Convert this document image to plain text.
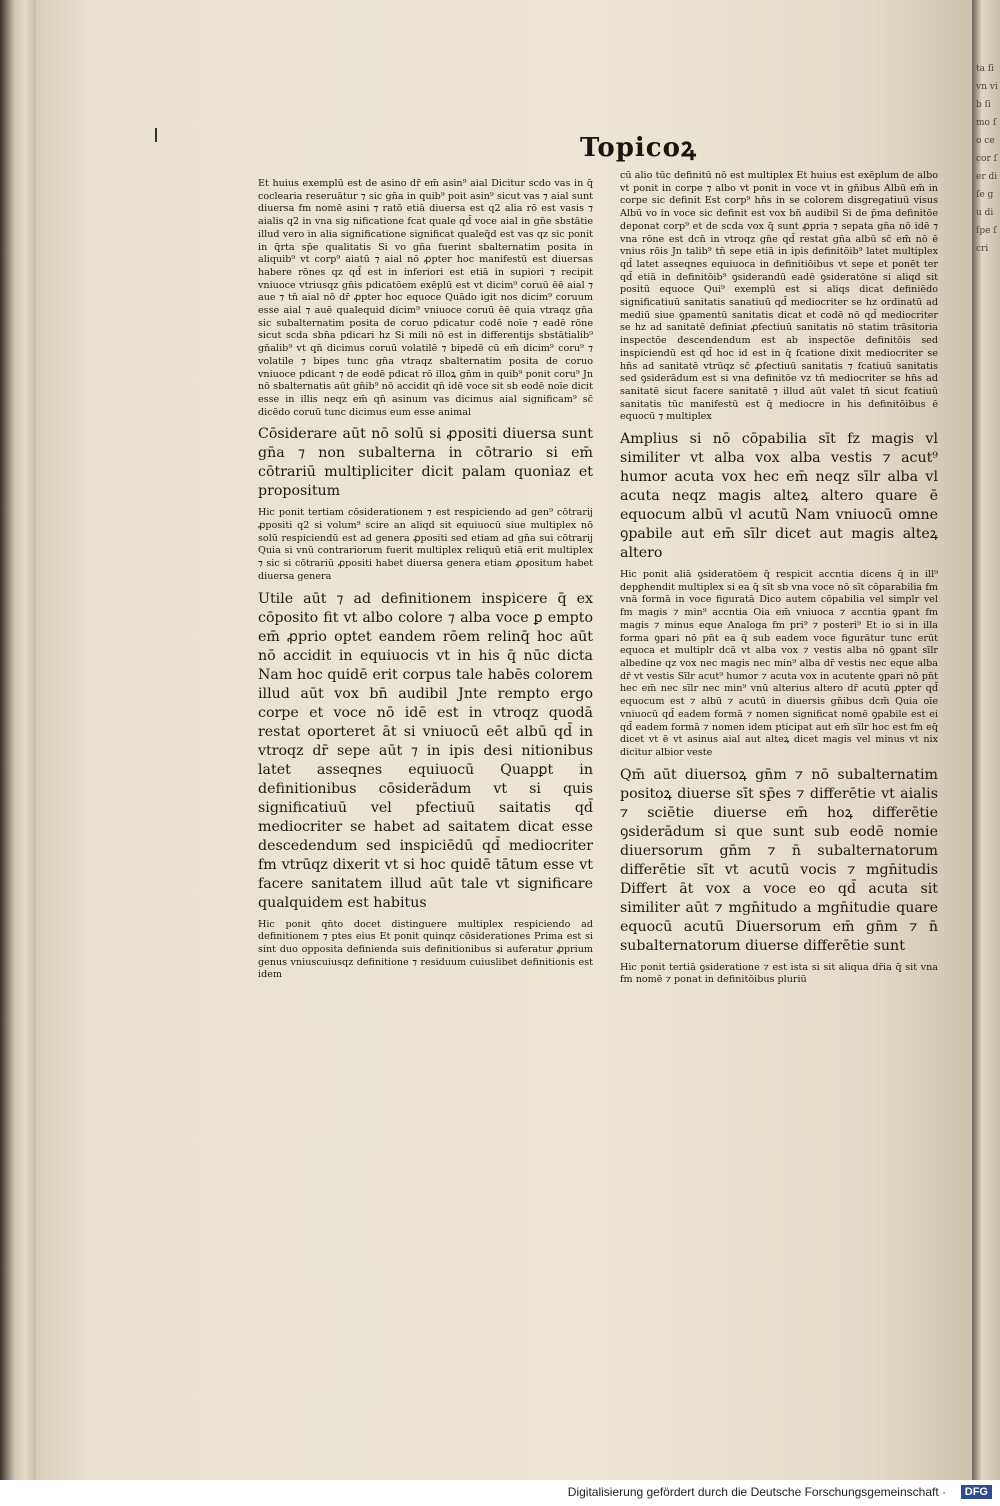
Topicoꝝ

Et huius exemplū est de asino dr̄ em̄ asin⁹ aial Dicitur scdo vas in q̄ coclearia reseruātur ⁊ sic gn̄a in quib⁹ poit asin⁹ sicut vas ⁊ aial sunt diuersa fm nomē asini ⁊ ratō etiā diuersa est q2 alia rō est vasis ⁊ aialis q2 in vna sig nificatione fcat quale qd̄ voce aial in gn̄e sbstātie illud vero in alia significatione significat qualeq̄d est vas qz sic ponit in q̄rta sp̄e qualitatis Si vo gn̄a fuerint sbalternatim posita in aliquib⁹ vt corp⁹ aiatū ⁊ aial nō ꝓpter hoc manifestū est diuersas habere rōnes qz qd̄ est in inferiori est etiā in supiori ⁊ recipit vniuoce vtriusqz gn̄is pdicatōem exēplū est vt dicim⁹ coruū ēē aial ⁊ aue ⁊ tn̄ aial nō dr̄ ꝓpter hoc equoce Quādo igit nos dicim⁹ coruum esse aial ⁊ auē qualequid dicim⁹ vniuoce coruū ēē quia vtraqz gn̄a sic subalternatim posita de coruo pdicatur codē noīe ⁊ eadē rōne sicut scda sbn̄a pdicari hz Si mili nō est in differentijs sbstātialib⁹ gn̄alib⁹ vt qn̄ dicimus coruū volatilē ⁊ bipedē cū em̄ dicim⁹ coru⁹ ⁊ volatile ⁊ bipes tunc gn̄a vtraqz sbalternatim posita de coruo vniuoce pdicant ⁊ de eodē pdicat rō illoꝝ gn̄m in quib⁹ ponit coru⁹ Jn nō sbalternatis aūt gn̄ib⁹ nō accidit qn̄ idē voce sit sb eodē noīe dicit esse in illis neqz em̄ qn̄ asinum vas dicimus aial significam⁹ sc̄ dicēdo coruū tunc dicimus eum esse animal

Cōsiderare aūt nō solū si ꝓpositi diuersa sunt gn̄a ⁊ non subalterna in cōtrario si em̄ cōtrariū multipliciter dicit palam quoniaz et propositum

Hic ponit tertiam cōsiderationem ⁊ est respiciendo ad gen⁹ cōtrarij ꝓpositi q2 si volum⁹ scire an aliqd sit equiuocū siue multiplex nō solū respiciendū est ad genera ꝓpositi sed etiam ad gn̄a sui cōtrarij Quia si vnū contrariorum fuerit multiplex reliquū etiā erit multiplex ⁊ sic si cōtrariū ꝓpositi habet diuersa genera etiam ꝓpositum habet diuersa genera

Utile aūt ⁊ ad definitionem inspicere q̄ ex cōposito fit vt albo colore ⁊ alba voce ꝑ empto em̄ ꝓprio optet eandem rōem relinq̄ hoc aūt nō accidit in equiuocis vt in his q̄ nūc dicta Nam hoc quidē erit corpus tale habēs colorem illud aūt vox bn̄ audibil Jnte rempto ergo corpe et voce nō idē est in vtroqz quodā restat oporteret āt si vniuocū eēt albū qd̄ in vtroqz dr̄ sepe aūt ⁊ in ipis desi nitionibus latet asseqnes equiuocū Quapꝑt in definitionibus cōsiderādum vt si quis significatiuū vel pfectiuū saitatis qd̄ mediocriter se habet ad saitatem dicat esse descedendum sed inspiciēdū qd̄ mediocriter fm vtrūqz dixerit vt si hoc quidē tātum esse vt facere sanitatem illud aūt tale vt significare qualquidem est habitus

Hic ponit qn̄to docet distinguere multiplex respiciendo ad definitionem ⁊ ptes eius Et ponit quinqz cōsiderationes Prima est si sint duo opposita definienda suis definitionibus si auferatur ꝓprium genus vniuscuiusqz definitione ⁊ residuum cuiuslibet definitionis est idem

cū alio tūc definitū nō est multiplex Et huius est exēplum de albo vt ponit in corpe ⁊ albo vt ponit in voce vt in gn̄ibus Albū em̄ in corpe sic definit Est corp⁹ hn̄s in se colorem disgregatiuū visus Albū vo in voce sic definit est vox bn̄ audibil Si de p̄ma definitōe deponat corp⁹ et de scda vox q̄ sunt ꝓpria ⁊ sepata gn̄a nō idē ⁊ vna rōne est dcn̄ in vtroqz gn̄e qd̄ restat gn̄a albū sc̄ em̄ nō ē vnius rōis Jn talib⁹ tn̄ sepe etiā in ipis definitōib⁹ latet multiplex qd̄ latet asseqnes equiuoca in definitiōibus vt sepe et ponēt ter qd̄ etiā in definitōib⁹ ꝯsiderandū eadē ꝯsideratōne si aliqd sit positū equoce Qui⁹ exemplū est si aliqs dicat definiēdo significatiuū sanitatis sanatiuū qd̄ mediocriter se hz ordinatū ad mediū siue ꝯpamentū sanitatis dicat et codē nō qd̄ mediocriter se hz ad sanitatē definiat ꝓfectiuū sanitatis nō statim trāsitoria inspectōe descendendum est ab inspectōe definitōis sed inspiciendū est qd̄ hoc id est in q̄ fcatione dixit mediocriter se hn̄s ad sanitatē vtrūqz sc̄ ꝓfectiuū sanitatis ⁊ fcatiuū sanitatis sed ꝯsiderādum est si vna definitōe vz tn̄ mediocriter se hn̄s ad sanitatē sicut facere sanitatē ⁊ illud aūt valet tn̄ sicut fcatiuū sanitatis tūc manifestū est q̄ mediocre in his definitōibus ē equocū ⁊ multiplex

Amplius si nō cōpabilia sīt fz magis vl similiter vt alba vox alba vestis ⁊ acut⁹ humor acuta vox hec em̄ neqz sīlr alba vl acuta neqz magis alteꝝ altero quare ē equocum albū vl acutū Nam vniuocū omne ꝯpabile aut em̄ sīlr dicet aut magis alteꝝ altero

Hic ponit aliā ꝯsideratōem q̄ respicit accntia dicens q̄ in ill⁹ depꝑhendit multiplex si ea q̄ sīt sb vna voce nō sīt cōparabilia fm vnā formā in voce figuratā Dico autem cōpabilia vel simplr vel fm magis ⁊ min⁹ accntia Oia em̄ vniuoca ⁊ accntia ꝯpant fm magis ⁊ minus eque Analoga fm pri⁹ ⁊ posteri⁹ Et io si in illa forma ꝯpari nō pn̄t ea q̄ sub eadem voce figurātur tunc erūt equoca et multiplr dcā vt alba vox ⁊ vestis alba nō ꝯpant sīlr albedine qz vox nec magis nec min⁹ alba dr̄ vestis nec eque alba dr̄ vt vestis Sīlr acut⁹ humor ⁊ acuta vox in acutente ꝯpari nō pn̄t hec em̄ nec sīlr nec min⁹ vnū alterius altero dr̄ acutū ꝓpter qd̄ equocum est ⁊ albū ⁊ acutū in diuersis gn̄ibus dcm̄ Quia oīe vniuocū qd̄ eadem formā ⁊ nomen significat nomē ꝯpabile est ei qd̄ eadem formā ⁊ nomen idem pticipat aut em̄ sīlr hoc est fm eq̄ dicet vt ē vt asinus aial aut alteꝝ dicet magis vel minus vt nix dicitur albior veste

Qm̄ aūt diuersoꝝ gn̄m ⁊ nō subalternatim positoꝝ diuerse sīt sp̄es ⁊ differētie vt aialis ⁊ sciētie diuerse em̄ hoꝝ differētie ꝯsiderādum si que sunt sub eodē nomie diuersorum gn̄m ⁊ n̄ subalternatorum differētie sīt vt acutū vocis ⁊ mgn̄itudis Differt āt vox a voce eo qd̄ acuta sit similiter aūt ⁊ mgn̄itudo a mgn̄itudie quare equocū acutū Diuersorum em̄ gn̄m ⁊ n̄ subalternatorum diuerse differētie sunt

Hic ponit tertiā ꝯsideratione ⁊ est ista si sit aliqua dr̄ia q̄ sit vna fm nomē ⁊ ponat in definitōibus pluriū

ta ſi vn vib ſi mo ſo ce cor ſer di ſe gu di ſpe ſcri
Digitalisierung gefördert durch die Deutsche Forschungsgemeinschaft ·	DFG
